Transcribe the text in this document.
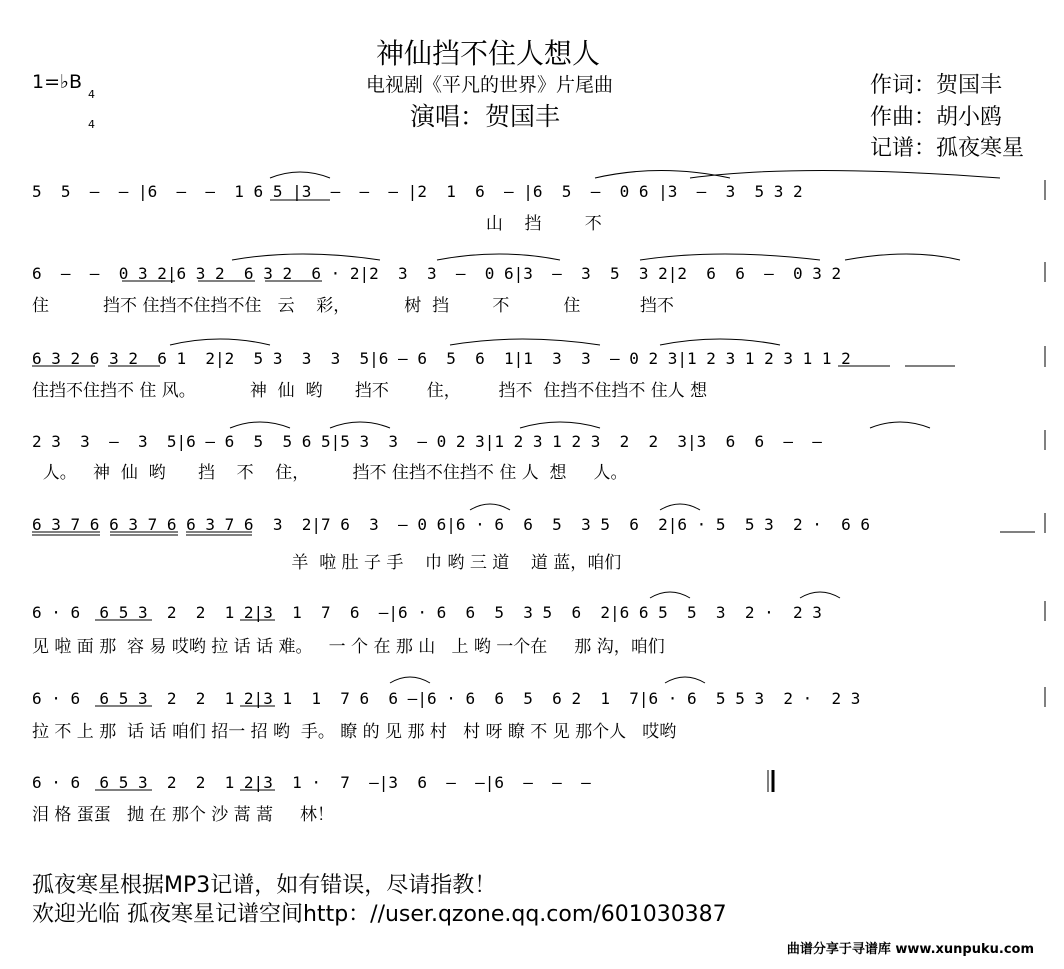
神仙挡不住人想人
1=♭B

4

4

电视剧《平凡的世界》片尾曲
演唱：贺国丰
作词：贺国丰
作曲：胡小鸥
记谱：孤夜寒星
5  5  –  – |6  –  –  1 6 5 |3  –  –  – |2  1  6  – |6  5  –  0 6 |3  –  3  5 3 2
山    挡        不
6  –  –  0 3 2|6 3 2  6 3 2  6 · 2|2  3  3  –  0 6|3  –  3  5  3 2|2  6  6  –  0 3 2
住          挡不 住挡不住挡不住   云    彩，          树  挡        不          住           挡不
6 3 2 6 3 2  6 1  2|2  5 3  3  3  5|6 – 6  5  6  1|1  3  3  – 0 2 3|1 2 3 1 2 3 1 1 2
住挡不住挡不 住 风。          神  仙  哟      挡不       住，       挡不  住挡不住挡不 住人 想
2 3  3  –  3  5|6 – 6  5  5 6 5|5 3  3  – 0 2 3|1 2 3 1 2 3  2  2  3|3  6  6  –  –
人。   神  仙  哟      挡    不    住，        挡不 住挡不住挡不 住 人  想     人。
6 3 7 6 6 3 7 6 6 3 7 6  3  2|7 6  3  – 0 6|6 · 6  6  5  3 5  6  2|6 · 5  5 3  2 ·  6 6
羊  啦 肚 子 手    巾 哟 三 道    道 蓝，咱们
6 · 6  6 5 3  2  2  1 2|3  1  7  6  –|6 · 6  6  5  3 5  6  2|6 6 5  5  3  2 ·  2 3
见 啦 面 那  容 易 哎哟 拉 话 话 难。   一 个 在 那 山   上 哟 一个在     那 沟，咱们
6 · 6  6 5 3  2  2  1 2|3 1  1  7 6  6 –|6 · 6  6  5  6 2  1  7|6 · 6  5 5 3  2 ·  2 3
拉 不 上 那  话 话 咱们 招一 招 哟  手。 瞭 的 见 那 村   村 呀 瞭 不 见 那个人   哎哟
6 · 6  6 5 3  2  2  1 2|3  1 ·  7  –|3  6  –  –|6  –  –  –
泪 格 蛋蛋   抛 在 那个 沙 蒿 蒿     林！
孤夜寒星根据MP3记谱，如有错误，尽请指教！
欢迎光临 孤夜寒星记谱空间http：//user.qzone.qq.com/601030387
曲谱分享于寻谱库 www.xunpuku.com
